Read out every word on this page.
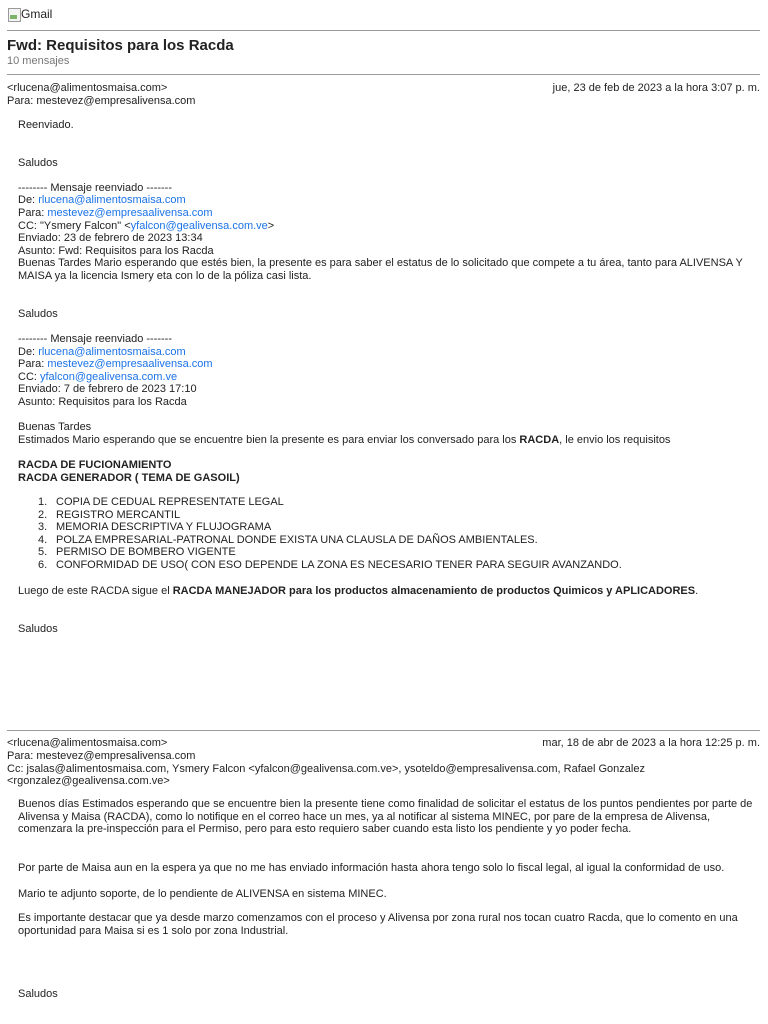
Gmail
Fwd: Requisitos para los Racda
10 mensajes
<rlucena@alimentosmaisa.com>	jue, 23 de feb de 2023 a la hora 3:07 p. m.
Para: mestevez@empresalivensa.com
Reenviado.
Saludos
-------- Mensaje reenviado -------
De: rlucena@alimentosmaisa.com
Para: mestevez@empresaalivensa.com
CC: "Ysmery Falcon" <yfalcon@gealivensa.com.ve>
Enviado: 23 de febrero de 2023 13:34
Asunto: Fwd: Requisitos para los Racda
Buenas Tardes Mario esperando que estés bien, la presente es para saber el estatus de lo solicitado que compete a tu área, tanto para ALIVENSA Y MAISA ya la licencia Ismery eta con lo de la póliza casi lista.
Saludos
-------- Mensaje reenviado -------
De: rlucena@alimentosmaisa.com
Para: mestevez@empresaalivensa.com
CC: yfalcon@gealivensa.com.ve
Enviado: 7 de febrero de 2023 17:10
Asunto: Requisitos para los Racda
Buenas Tardes
Estimados Mario esperando que se encuentre bien la presente es para enviar los conversado para los RACDA, le envio los requisitos
RACDA DE FUCIONAMIENTO
RACDA GENERADOR ( TEMA DE GASOIL)
1. COPIA DE CEDUAL REPRESENTATE LEGAL
2. REGISTRO MERCANTIL
3. MEMORIA DESCRIPTIVA Y FLUJOGRAMA
4. POLZA EMPRESARIAL-PATRONAL DONDE EXISTA UNA CLAUSLA DE DAÑOS AMBIENTALES.
5. PERMISO DE BOMBERO VIGENTE
6. CONFORMIDAD DE USO( CON ESO DEPENDE LA ZONA ES NECESARIO TENER PARA SEGUIR AVANZANDO.
Luego de este RACDA sigue el RACDA MANEJADOR para los productos almacenamiento de productos Quimicos y APLICADORES.
Saludos
<rlucena@alimentosmaisa.com>	mar, 18 de abr de 2023 a la hora 12:25 p. m.
Para: mestevez@empresalivensa.com
Cc: jsalas@alimentosmaisa.com, Ysmery Falcon <yfalcon@gealivensa.com.ve>, ysoteldo@empresalivensa.com, Rafael Gonzalez
<rgonzalez@gealivensa.com.ve>
Buenos días Estimados esperando que se encuentre bien la presente tiene como finalidad de solicitar el estatus de los puntos pendientes por parte de Alivensa y Maisa (RACDA), como lo notifique en el correo hace un mes, ya al notificar al sistema MINEC, por pare de la empresa de Alivensa, comenzara la pre-inspección para el Permiso, pero para esto requiero saber cuando esta listo los pendiente y yo poder fecha.
Por parte de Maisa aun en la espera ya que no me has enviado información hasta ahora tengo solo lo fiscal legal, al igual la conformidad de uso.
Mario te adjunto soporte, de lo pendiente de ALIVENSA en sistema MINEC.
Es importante destacar que ya desde marzo comenzamos con el proceso y Alivensa por zona rural nos tocan cuatro Racda, que lo comento en una oportunidad para Maisa si es 1 solo por zona Industrial.
Saludos
